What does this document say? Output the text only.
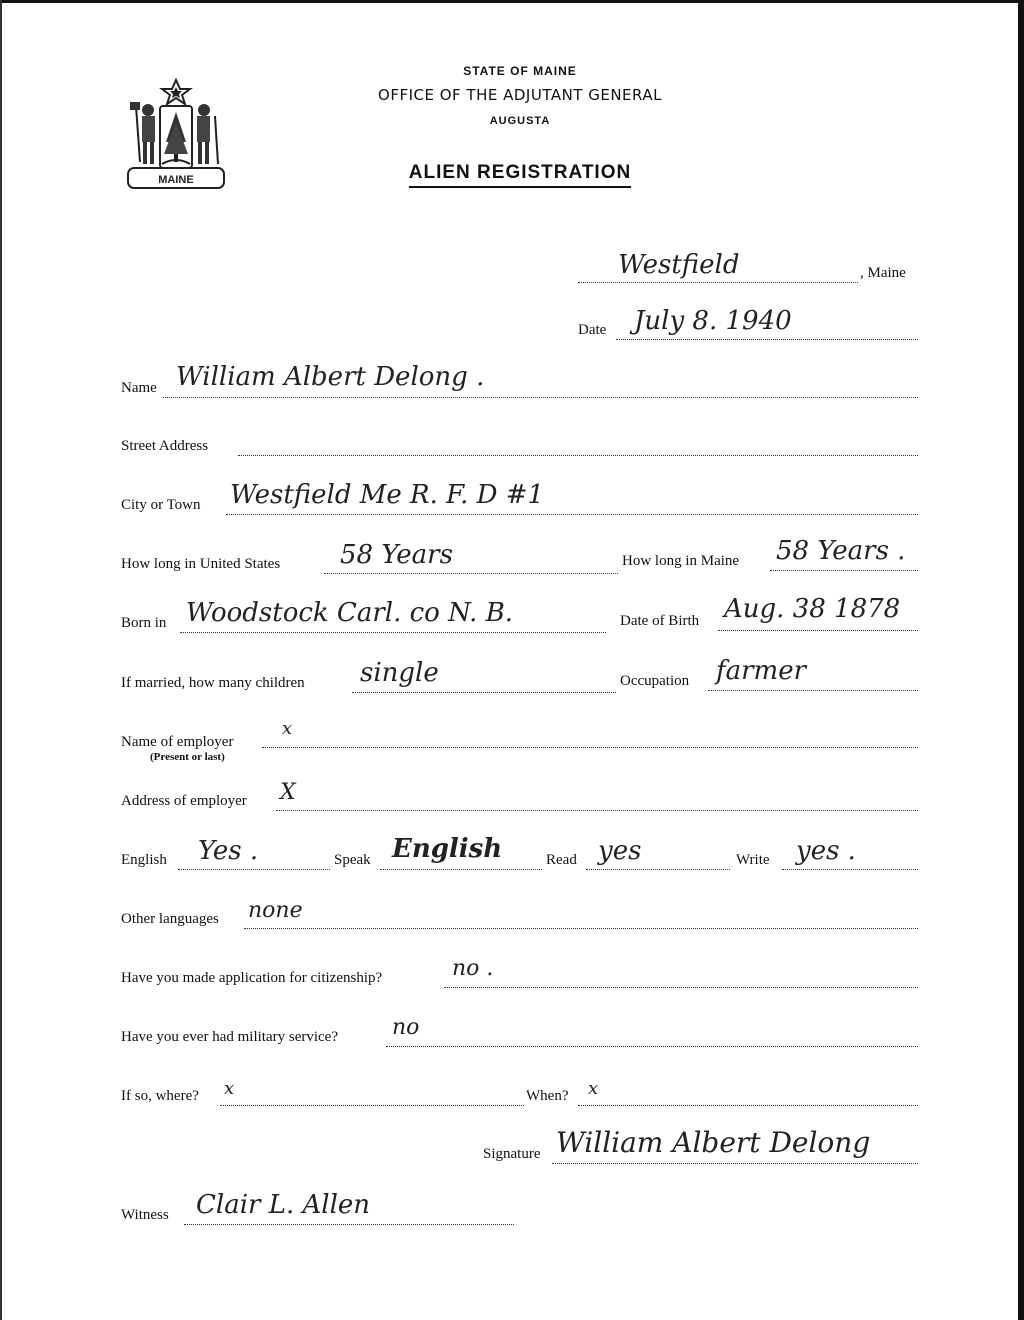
MAINE
STATE OF MAINE
OFFICE OF THE ADJUTANT GENERAL
AUGUSTA
ALIEN REGISTRATION
Westfield	, Maine
Date July 8. 1940
Name William Albert Delong .
Street Address
City or Town Westfield Me R. F. D #1
How long in United States 58 Years	How long in Maine 58 Years .
Born in Woodstock Carl. co N. B.	Date of Birth Aug. 38 1878
If married, how many children single	Occupation farmer
Name of employer
(Present or last)
x
Address of employer X
English Yes .	Speak English	Read yes	Write yes .
Other languages none
Have you made application for citizenship?	no .
Have you ever had military service? no
If so, where? x	When? x
Signature William Albert Delong
Witness Clair L. Allen
